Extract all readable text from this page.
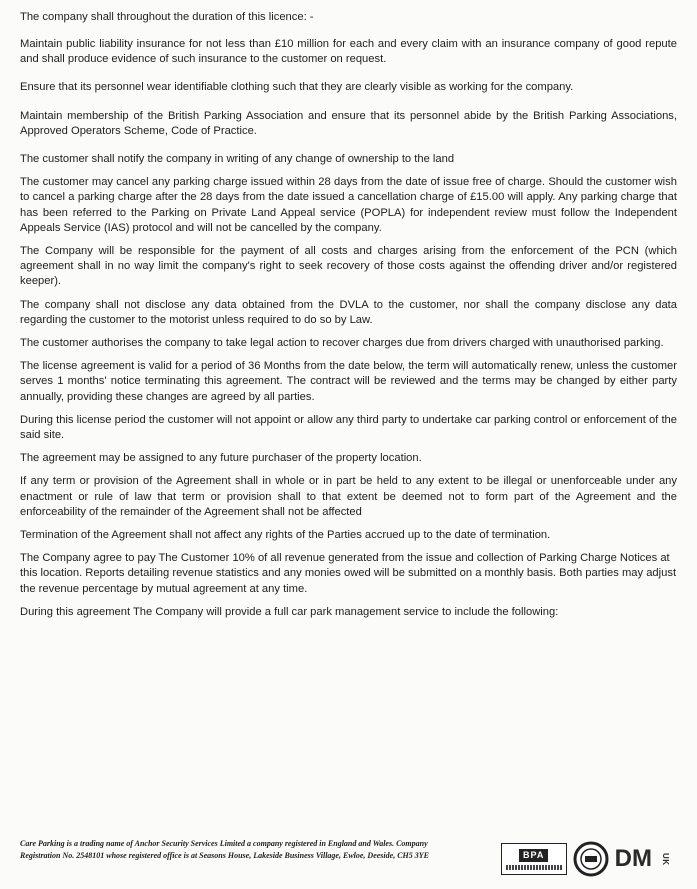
The company shall throughout the duration of this licence: -

Maintain public liability insurance for not less than £10 million for each and every claim with an insurance company of good repute and shall produce evidence of such insurance to the customer on request.

Ensure that its personnel wear identifiable clothing such that they are clearly visible as working for the company.

Maintain membership of the British Parking Association and ensure that its personnel abide by the British Parking Associations, Approved Operators Scheme, Code of Practice.

The customer shall notify the company in writing of any change of ownership to the land

The customer may cancel any parking charge issued within 28 days from the date of issue free of charge. Should the customer wish to cancel a parking charge after the 28 days from the date issued a cancellation charge of £15.00 will apply. Any parking charge that has been referred to the Parking on Private Land Appeal service (POPLA) for independent review must follow the Independent Appeals Service (IAS) protocol and will not be cancelled by the company.

The Company will be responsible for the payment of all costs and charges arising from the enforcement of the PCN (which agreement shall in no way limit the company's right to seek recovery of those costs against the offending driver and/or registered keeper).

The company shall not disclose any data obtained from the DVLA to the customer, nor shall the company disclose any data regarding the customer to the motorist unless required to do so by Law.

The customer authorises the company to take legal action to recover charges due from drivers charged with unauthorised parking.

The license agreement is valid for a period of 36 Months from the date below, the term will automatically renew, unless the customer serves 1 months' notice terminating this agreement. The contract will be reviewed and the terms may be changed by either party annually, providing these changes are agreed by all parties.

During this license period the customer will not appoint or allow any third party to undertake car parking control or enforcement of the said site.

The agreement may be assigned to any future purchaser of the property location.

If any term or provision of the Agreement shall in whole or in part be held to any extent to be illegal or unenforceable under any enactment or rule of law that term or provision shall to that extent be deemed not to form part of the Agreement and the enforceability of the remainder of the Agreement shall not be affected

Termination of the Agreement shall not affect any rights of the Parties accrued up to the date of termination.

The Company agree to pay The Customer 10% of all revenue generated from the issue and collection of Parking Charge Notices at this location. Reports detailing revenue statistics and any monies owed will be submitted on a monthly basis. Both parties may adjust the revenue percentage by mutual agreement at any time.

During this agreement The Company will provide a full car park management service to include the following:

Care Parking is a trading name of Anchor Security Services Limited a company registered in England and Wales. Company Registration No. 2548101 whose registered office is at Seasons House, Lakeside Business Village, Ewloe, Deeside, CH5 3YE	BPA	DM	UK
